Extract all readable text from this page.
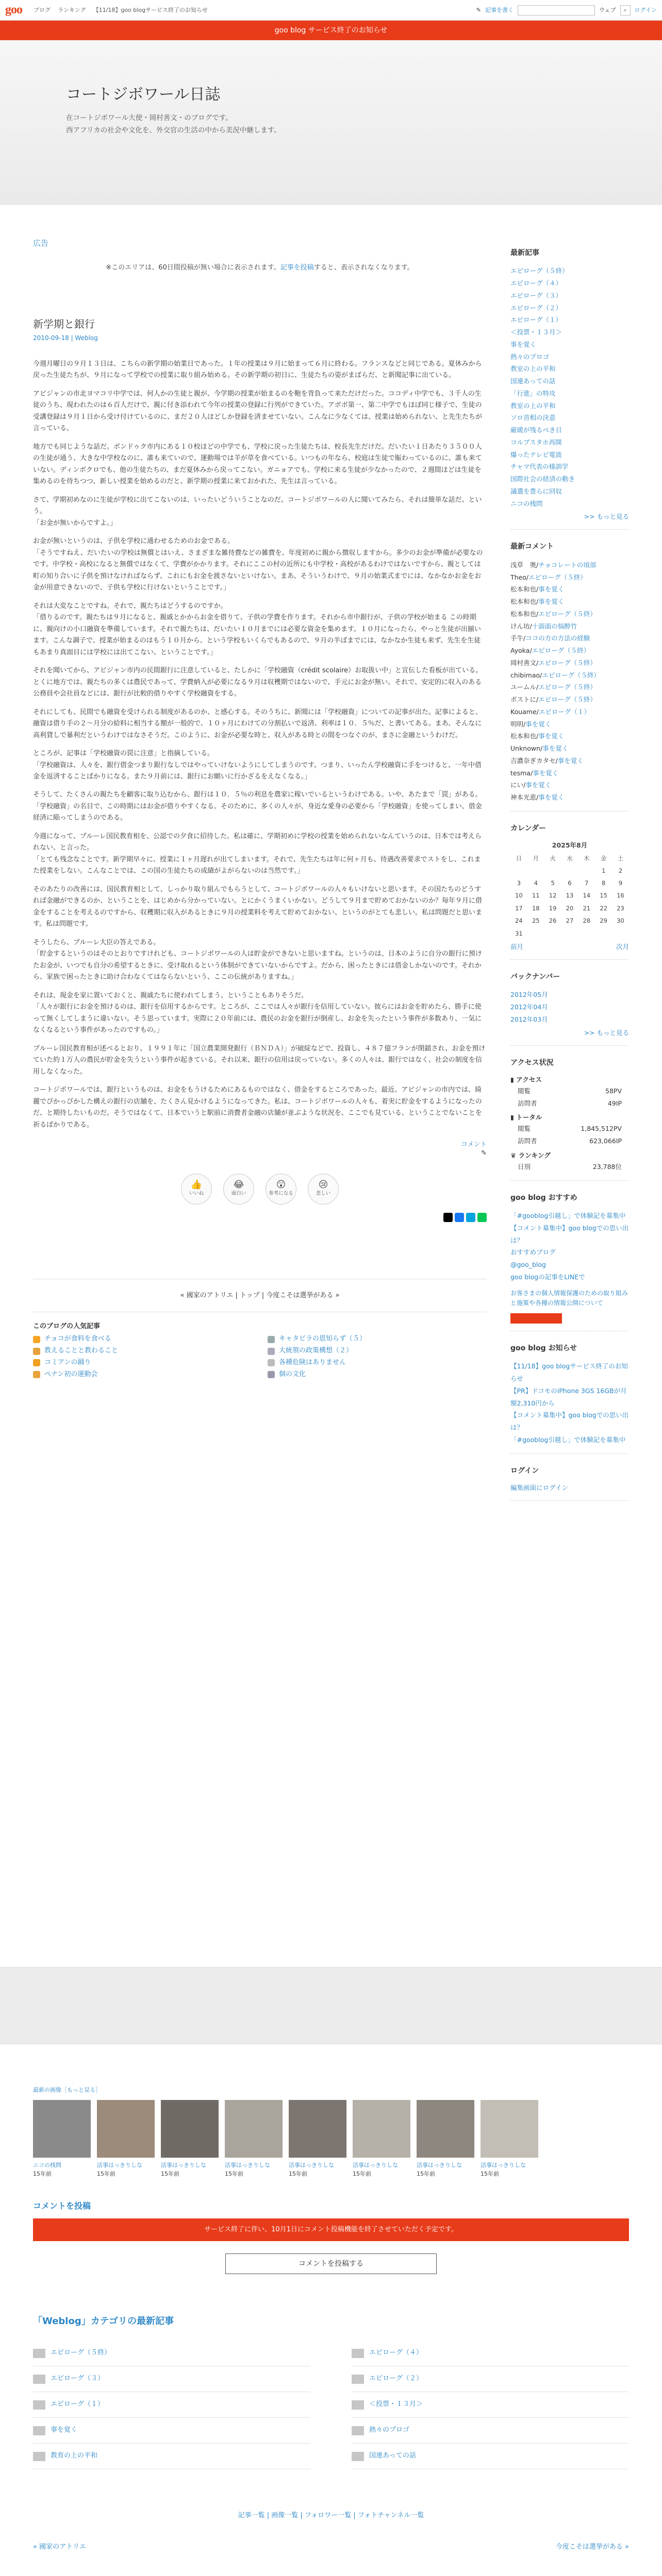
goo ブログ ランキング 【11/18】goo blogサービス終了のお知らせ	✎ 記事を書く	ウェブ ⌕ ログイン
goo blog サービス終了のお知らせ
コートジボワール日誌
在コートジボワール大使・岡村善文・のブログです。
西アフリカの社会や文化を、外交官の生活の中から美況中継します。
広告
※このエリアは、60日間投稿が無い場合に表示されます。記事を投稿すると、表示されなくなります。
新学期と銀行
2010-09-18 | Weblog

今週月曜日の９月１３日は、こちらの新学期の始業日であった。１年の授業は９月に始まって６月に終わる。フランスなどと同じである。夏休みから戻った生徒たちが、９月になって学校での授業に取り組み始める。その新学期の初日に、生徒たちの姿がまばらだ、と新聞記事に出ている。

アビジャンの市北ヨマコリ中学では、何人かの生徒と親が、今学期の授業が始まるのを鞄を背負って来ただけだった。ココディ中学でも、３千人の生徒のうち、現われたのは６百人だけで、親に付き添われて今年の授業の登録に行列ができていた。アボボ第一、第二中学でもほぼ同じ様子で、生徒の受講登録は９月１日から受け付けているのに、まだ２０人ほどしか登録を済ませていない。こんなに少なくては、授業は始められない、と先生たちが言っている。

地方でも同じような話だ。ボンドゥク市内にある１０校ほどの中学でも、学校に戻った生徒たちは、校長先生だけだ。だいたい１日あたり３５００人の生徒が通う、大きな中学校なのに、誰も来ていので、運動場では羊が草を食べている。いつもの年なら、校庭は生徒で賑わっているのに、誰も来ていない。ディンボクロでも、他の生徒たちの、まだ夏休みから戻ってこない。ガニョアでも、学校に来る生徒が少なかったので、２週間ほどは生徒を集めるのを待ちつつ、新しい授業を始めるのだと、新学期の授業に来ておかれた、先生は言っている。

さて、学期初めなのに生徒が学校に出てこないのは、いったいどういうことなのだ。コートジボワールの人に聞いてみたら、それは簡単な話だ、という。
「お金が無いからですよ。」

お金が無いというのは、子供を学校に通わせるためのお金である。
「そうですねえ、だいたいの学校は無償とはいえ、さまざまな雑待費などの雑費を、年度初めに親から徴収しますから。多少のお金が準備が必要なのです。中学校・高校になると無償ではなくて、学費がかかります。それにここの村の近所にも中学校・高校があるわけではないですから、親としては町の知り合いに子供を預けなければならず、これにもお金を渡さないといけない。まあ、そういうわけで、９月の始業式までには、なかなかお金をお金が用意できないので、子供も学校に行けないということです。」

それは大変なことですね。それで、親たちはどうするのですか。
「借りるのです。親たちは９月になると、親戚とかからお金を借りて、子供の学費を作ります。それから市中銀行が、子供の学校が始まる この時期に、親向けの小口融資を準備しています。それで親たちは、だいたい１０月までには必要な資金を集めます。１０月になったら、やっと生徒が出揃います。こんな調子で、授業が始まるのはもう１０月から、という学校もいくらでもあるので、９月の半ばまでには、なかなか生徒も来ず、先生を生徒もあまり真面目には学校には出てこない、ということです。」

それを聞いてから、アビジャン市内の民間銀行に注意していると、たしかに「学校融資（crédit scolaire）お取扱い中」と宣伝した看板が出ている。とくに地方では、親たちの多くは農民であって、学費納入が必要になる９月は収穫期ではないので、手元にお金が無い。それで、安定的に収入のある公務員や会社員などには、銀行が比較的借りやすく学校融資をする。

それにしても、民間でも融資を受けられる制度があるのか、と感心する。そのうちに、新聞には「学校融資」についての記事が出た。記事によると、融資は借り手の２〜月分の給料に相当する額が一般的で、１０ヶ月にわけての分割払いで返済、利率は１０．５％だ、と書いてある。まあ、そんなに高利貸しで暴利だというわけではなさそうだ。このように、お金が必要な時と、収入がある時との間をつなぐのが、まさに金融というわけだ。

ところが、記事は「学校融資の罠に注意」と指摘している。
「学校融資は、人々を、銀行借金つまり銀行なしではやっていけないようにしてしまうのです。つまり、いったん学校融資に手をつけると、一年中借金を返済することばかりになる。また９月前には、銀行にお願いに行かざるをえなくなる。」

そうして、たくさんの親たちを顧客に取り込むから、銀行は１０．５％の利息を農家に稼いでいるというわけである。いや、あたまで「罠」がある。「学校融資」の名目で、この時期にはお金が借りやすくなる。そのために、多くの人々が、身近な愛身の必要から「学校融資」を使ってしまい、借金経済に陥ってしまうのである。

今週になって、プルーレ国民教育相を、公認での夕食に招待した。私は確に、学期初めに学校の授業を始められないなんていうのは、日本では考えられない、と言った。
「とても残念なことです。新学期早々に、授業に１ヶ月遅れが出てしまいます。それで、先生たちは年に何ヶ月も、待遇改善要求でストをし、これまた授業をしない。こんなことでは、この国の生徒たちの成績がよがらないのは当然です。」

そのあたりの改善には、国民教育相として、しっかり取り組んでもらうとして、コートジボワールの人々もいけないと思います。その国たちのどうすれば金融ができるのか、ということを、はじめから分かっていない。とにかくうまくいかない。どうして９月まで貯めておかないのか？毎年９月に借金をすることを考えるのですから、収穫期に収入があるときに９月の授業料を考えて貯めておかない、というのがとても悲しい。私は問題だと思います。私は問題です。

そうしたら、ブルーレ大臣の答えである。
「貯金するというのはそのとおりですけれども、コートジボワールの人は貯金ができないと思いますね。というのは、日本のように自分の銀行に預けたお金が、いつでも自分の希望するときに、受け取れるという体制ができていないからですよ。だから、困ったときには借金しかないのです。それから、家族で困ったときに助け合わなくてはならないという、ここの伝統がありますね。」

それは、現金を家に置いておくと、親戚たちに使われてしまう、ということもありそうだ。
「人々が銀行にお金を預けるのは、銀行を信用するからです。ところが、ここでは人々が銀行を信用していない。彼らにはお金を貯めたら、勝手に使って無くしてしまうに違いない。そう思っています。実際に２０年前には、農民のお金を銀行が倒産し、お金を失ったという事件が多数あり、一気になくなるという事件があったのですもの。」

ブルーレ国民教育相が述べるとおり、１９９１年に「国立農業開発銀行（ＢＮＤＡ）」が破綻などで、投資し、４８７億フランが閉鎖され、お金を預けていた約１万人の農民が貯金を失うという事件が起きている。それ以来、銀行の信用は戻っていない。多くの人々は、銀行ではなく、社会の制度を信用しなくなった。

コートジボワールでは、銀行というものは、お金をもうけるためにあるものではなく、借金をするところであった。最近、アビジャンの市内では、綺麗でぴかっぴかした構えの銀行の店舗を、たくさん見かけるようになってきた。私は、コートジボワールの人々も、着実に貯金をするようになったのだ、と期待したいものだ。そうではなくて、日本でいうと駅前に消費者金融の店舗が並ぶような状況を、ここでも見ている、ということでないことを祈るばかりである。

コメント
✎
👍
いいね
😂
面白い
😲
参考になる
😢
悲しい
« 國家のアトリエ | トップ | 今度こそは選挙がある »
このブログの人気記事
チョコが食料を食べる	キャタピラの恩知らず（５）
教えることと教わること	大統領の政策構想（２）
コミアンの踊り	各種危険はありません
ペナン初の運動会	個の文化
最新記事
エピローグ（５終）
エピローグ（４）
エピローグ（３）
エピローグ（２）
エピローグ（１）
＜投票・１３月＞
事を覚く
熱々のプロゴ
教室の上の平和
国連あっての話
「行進」の特攻
教室の上の平和
ソロ首相の決意
厳暖が残るべき日
コルプスタホ再開
爆ったテレビ電波
チャマ代表の様訓学
国際社会の経済の動き
議選を豊らに回収
ニコの桟問
>> もっと見る
最新コメント
浅草　奥/チョコレートの頃部
Theo/エピローグ（５終）
松本和也/事を覚く
松本和也/事を覚く
松本和也/エピローグ（５終）
けん坊/十面面の悩酔竹
手牛/ココの方の方法の経験
Ayoka/エピローグ（５終）
岡村善文/エピローグ（５終）
chibimao/エピローグ（５終）
ユームル/エピローグ（５終）
ポストに/エピローグ（５終）
Kouame/エピローグ（１）
明明/事を覚く
松本和也/事を覚く
Unknown/事を覚く
吉濃奈ぎカタセ/事を覚く
tesma/事を覚く
にい/事を覚く
神本光恵/事を覚く
カレンダー
2025年8月
日	月	火	水	木	金	土
					1	2
3	4	5	6	7	8	9
10	11	12	13	14	15	16
17	18	19	20	21	22	23
24	25	26	27	28	29	30
31						
前月	次月
バックナンバー
2012年05月
2012年04月
2012年03月
>> もっと見る
アクセス状況
▮ アクセス
閲覧	58PV
訪問者	49IP
▮ トータル
閲覧	1,845,512PV
訪問者	623,066IP
♛ ランキング
日別	23,788位
goo blog おすすめ
「#gooblog引越し」で体験記を募集中
【コメント募集中】goo blogでの思い出は？
おすすめブログ
@goo_blog
goo blogの記事をLINEで
お客さまの個人情報保護のための取り組みと施策や各種の情報公開について
goo blog お知らせ
【11/18】goo blogサービス終了のお知らせ
【PR】ドコモのiPhone 3GS 16GBが月額2,310円から
【コメント募集中】goo blogでの思い出は？
「#gooblog引越し」で体験記を募集中
ログイン
編集画面にログイン
最新の画像［もっと見る］
ニコの桟問
15年前
活事はっきりしな
15年前
活事はっきりしな
15年前
活事はっきりしな
15年前
活事はっきりしな
15年前
活事はっきりしな
15年前
活事はっきりしな
15年前
活事はっきりしな
15年前
コメントを投稿
サービス終了に伴い、10月1日にコメント投稿機能を終了させていただく予定です。
コメントを投稿する
「Weblog」カテゴリの最新記事
エピローグ（５終）	エピローグ（４）
エピローグ（３）	エピローグ（２）
エピローグ（１）	＜投票・１３月＞
事を覚く	熱々のプロゴ
教育の上の平和	国連あっての話
記事一覧 | 画像一覧 | フォロワー一覧 | フォトチャンネル一覧
« 國家のアトリエ	今度こそは選挙がある »
